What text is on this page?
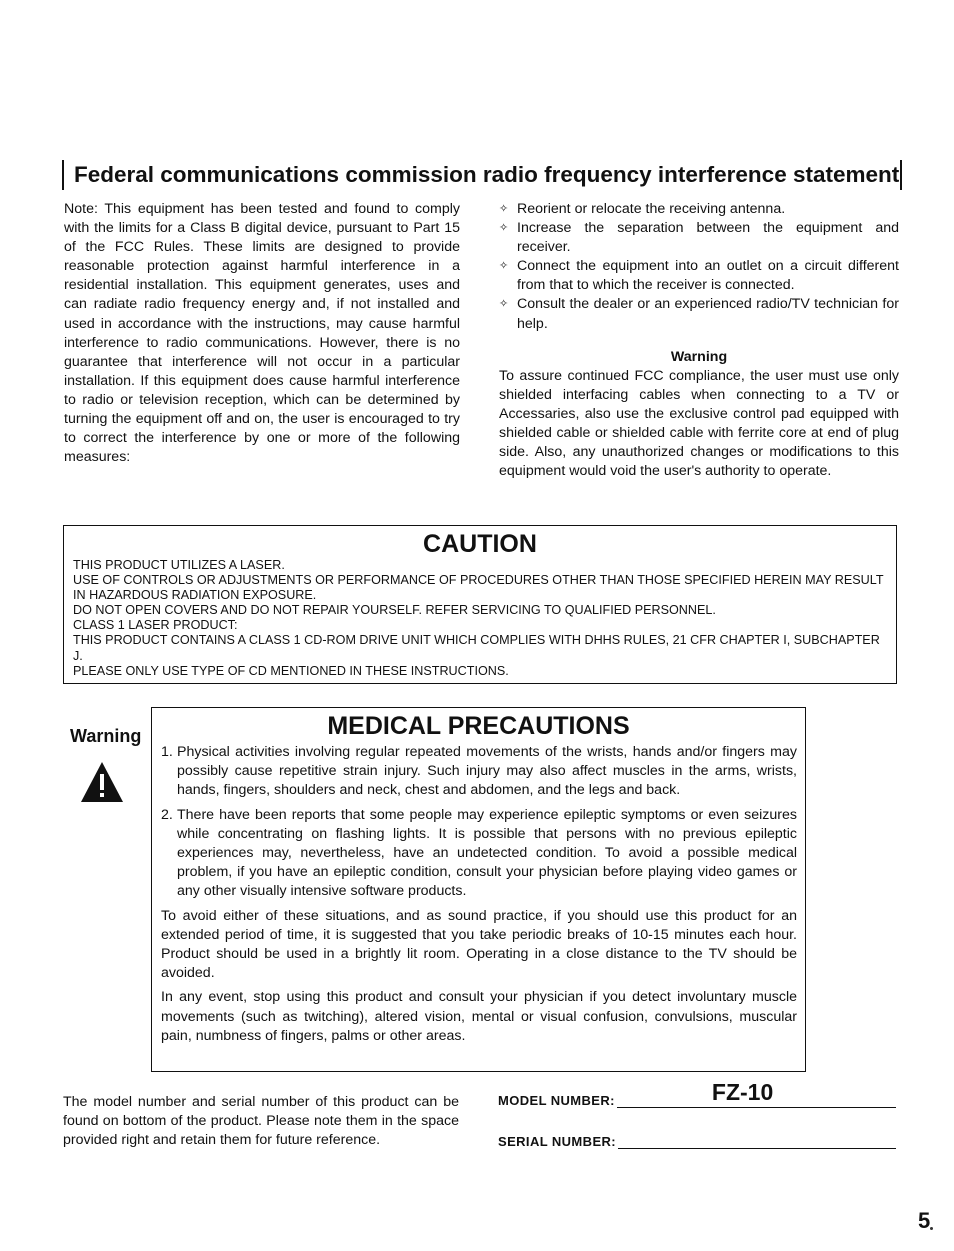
Federal communications commission radio frequency interference statement
Note: This equipment has been tested and found to comply with the limits for a Class B digital device, pursuant to Part 15 of the FCC Rules. These limits are designed to provide reasonable protection against harmful interference in a residential installation. This equipment generates, uses and can radiate radio frequency energy and, if not installed and used in accordance with the instructions, may cause harmful interference to radio communications. However, there is no guarantee that interference will not occur in a particular installation. If this equipment does cause harmful interference to radio or television reception, which can be determined by turning the equipment off and on, the user is encouraged to try to correct the interference by one or more of the following measures:
✧ Reorient or relocate the receiving antenna.
✧ Increase the separation between the equipment and receiver.
✧ Connect the equipment into an outlet on a circuit different from that to which the receiver is connected.
✧ Consult the dealer or an experienced radio/TV technician for help.
Warning
To assure continued FCC compliance, the user must use only shielded interfacing cables when connecting to a TV or Accessaries, also use the exclusive control pad equipped with shielded cable or shielded cable with ferrite core at end of plug side. Also, any unauthorized changes or modifications to this equipment would void the user's authority to operate.
CAUTION
THIS PRODUCT UTILIZES A LASER.
USE OF CONTROLS OR ADJUSTMENTS OR PERFORMANCE OF PROCEDURES OTHER THAN THOSE SPECIFIED HEREIN MAY RESULT IN HAZARDOUS RADIATION EXPOSURE.
DO NOT OPEN COVERS AND DO NOT REPAIR YOURSELF. REFER SERVICING TO QUALIFIED PERSONNEL.
CLASS 1 LASER PRODUCT:
THIS PRODUCT CONTAINS A CLASS 1 CD-ROM DRIVE UNIT WHICH COMPLIES WITH DHHS RULES, 21 CFR CHAPTER I, SUBCHAPTER J.
PLEASE ONLY USE TYPE OF CD MENTIONED IN THESE INSTRUCTIONS.
Warning	MEDICAL PRECAUTIONS
1. Physical activities involving regular repeated movements of the wrists, hands and/or fingers may possibly cause repetitive strain injury. Such injury may also affect muscles in the arms, wrists, hands, fingers, shoulders and neck, chest and abdomen, and the legs and back.
2. There have been reports that some people may experience epileptic symptoms or even seizures while concentrating on flashing lights. It is possible that persons with no previous epileptic experiences may, nevertheless, have an undetected condition. To avoid a possible medical problem, if you have an epileptic condition, consult your physician before playing video games or any other visually intensive software products.
To avoid either of these situations, and as sound practice, if you should use this product for an extended period of time, it is suggested that you take periodic breaks of 10-15 minutes each hour. Product should be used in a brightly lit room. Operating in a close distance to the TV should be avoided.
In any event, stop using this product and consult your physician if you detect involuntary muscle movements (such as twitching), altered vision, mental or visual confusion, convulsions, muscular pain, numbness of fingers, palms or other areas.
The model number and serial number of this product can be found on bottom of the product. Please note them in the space provided right and retain them for future reference.
MODEL NUMBER:	FZ-10
SERIAL NUMBER:
5
